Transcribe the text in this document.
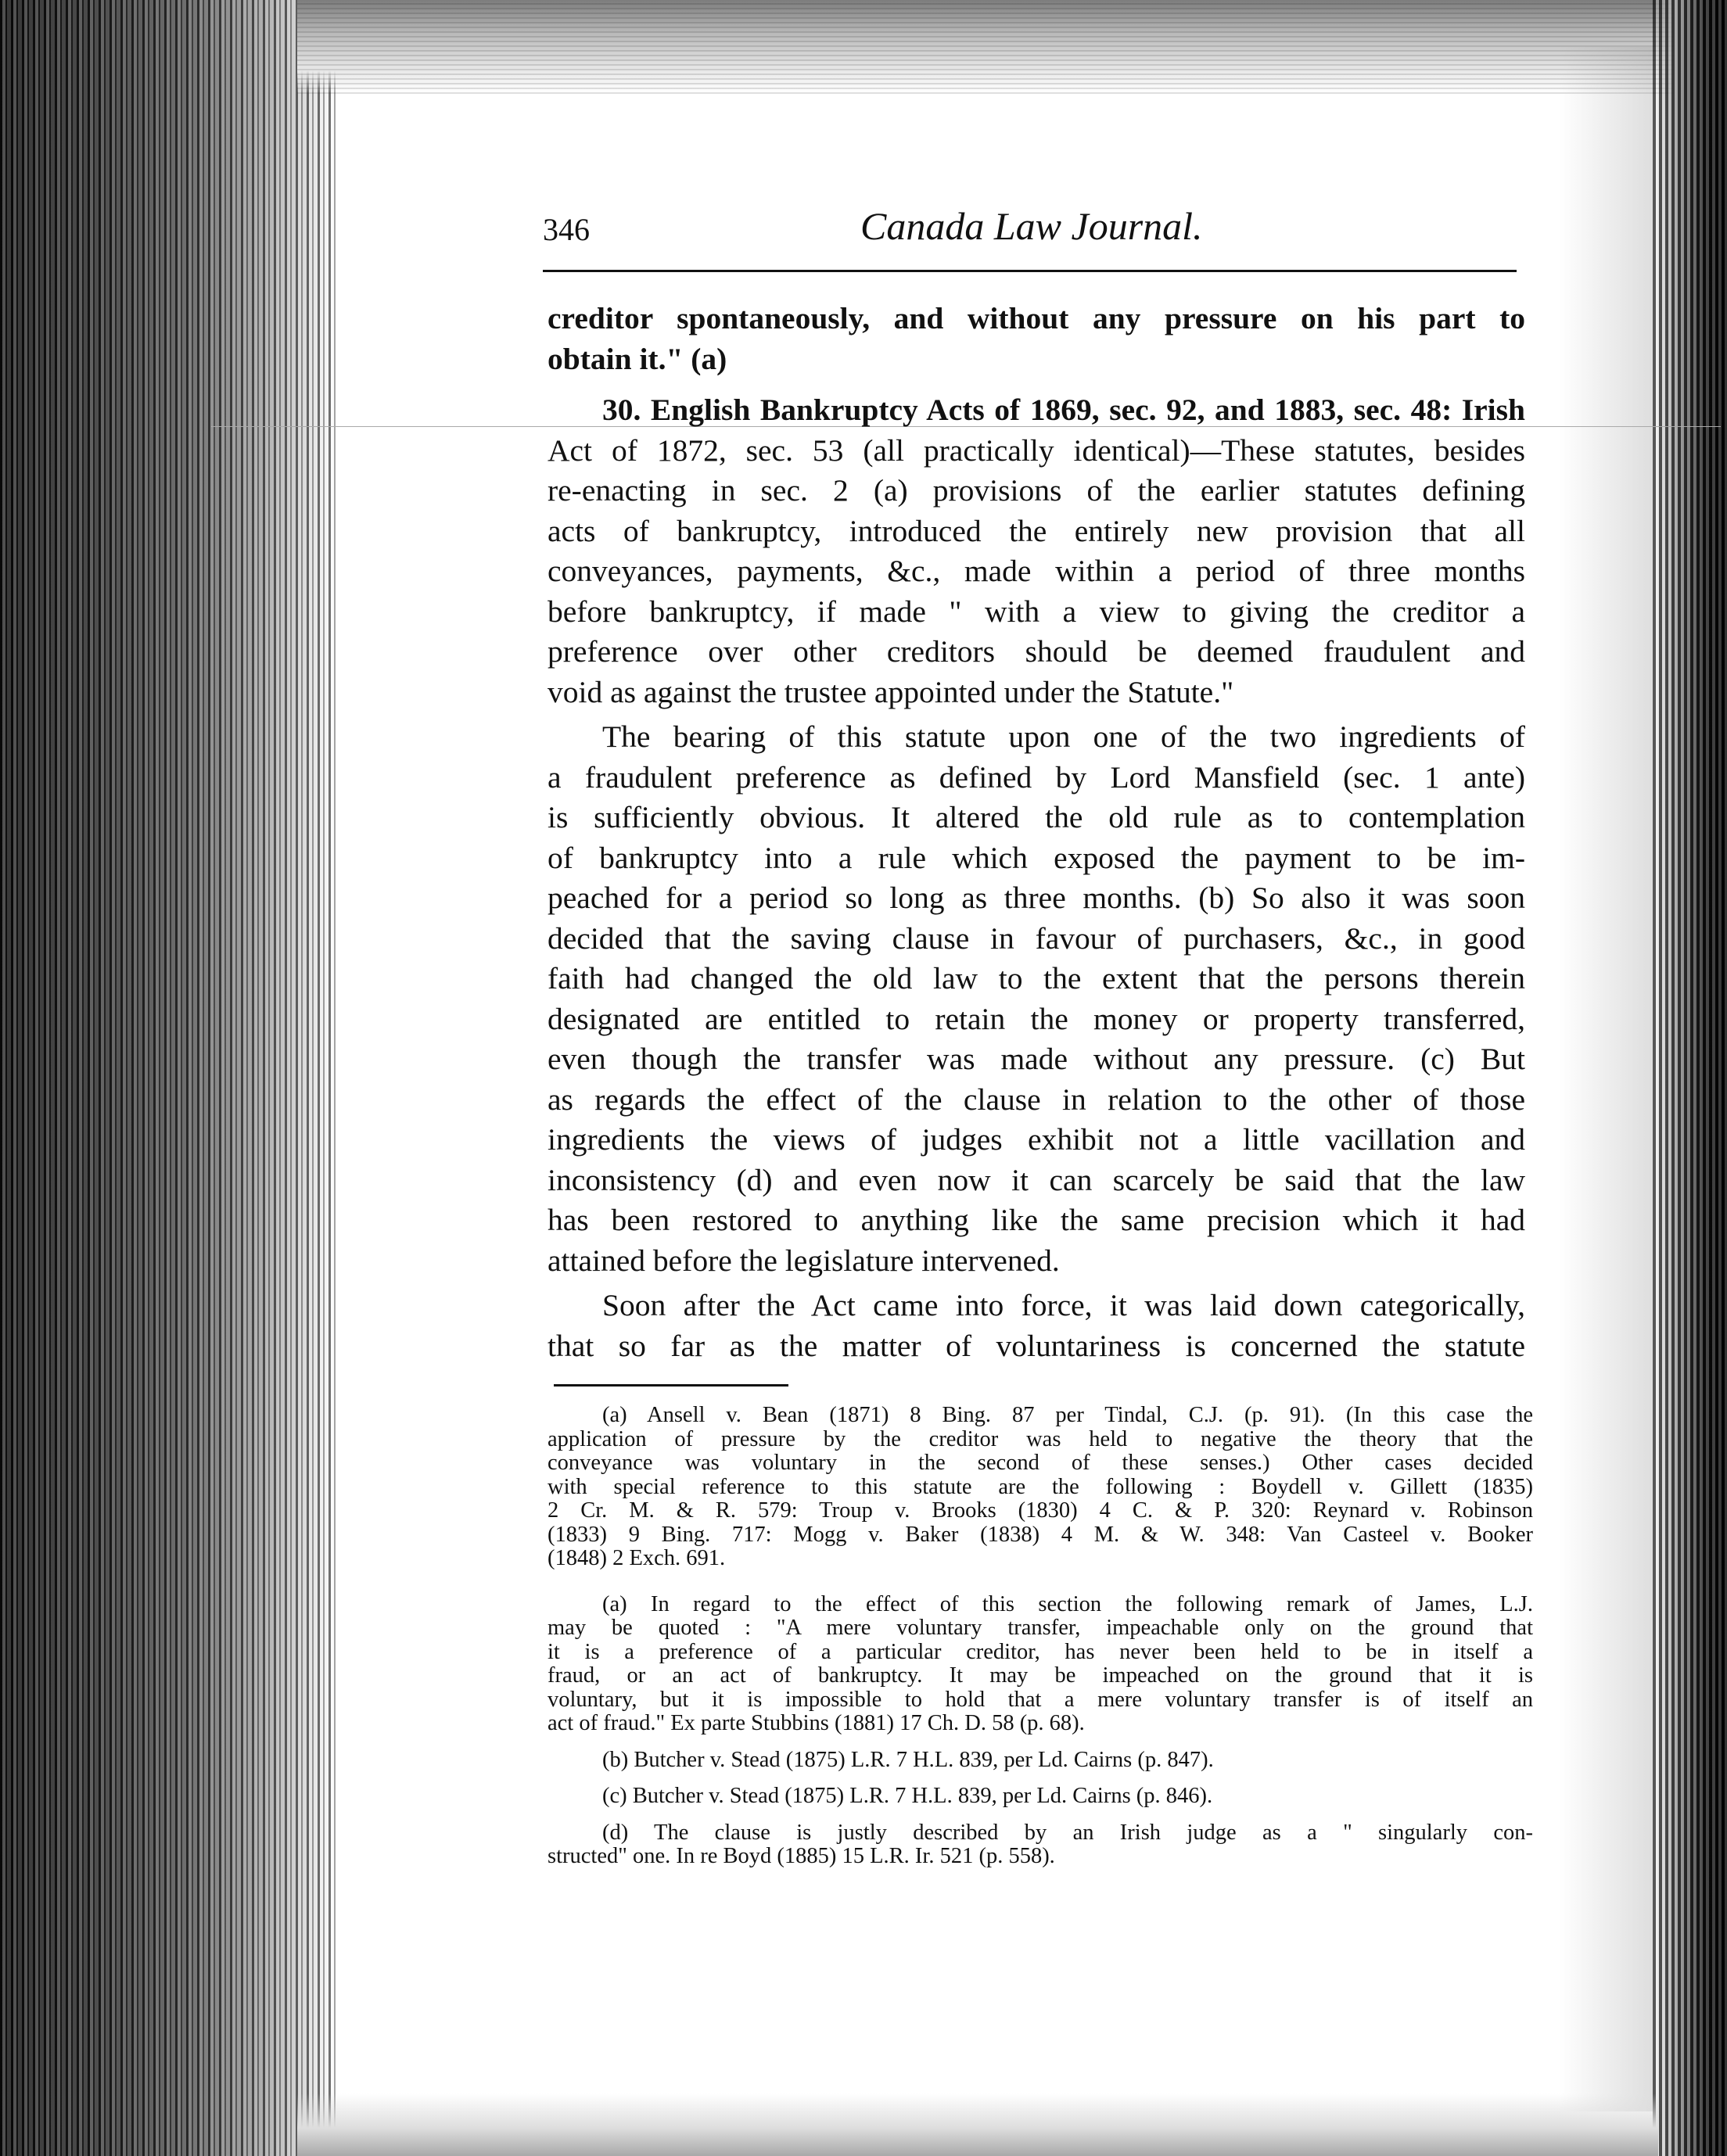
346	Canada Law Journal.
creditor spontaneously, and without any pressure on his part to
obtain it." (a)
30. English Bankruptcy Acts of 1869, sec. 92, and 1883, sec. 48: Irish
Act of 1872, sec. 53 (all practically identical)—These statutes, besides
re-enacting in sec. 2 (a) provisions of the earlier statutes defining
acts of bankruptcy, introduced the entirely new provision that all
conveyances, payments, &c., made within a period of three months
before bankruptcy, if made " with a view to giving the creditor a
preference over other creditors should be deemed fraudulent and
void as against the trustee appointed under the Statute."
The bearing of this statute upon one of the two ingredients of
a fraudulent preference as defined by Lord Mansfield (sec. 1 ante)
is sufficiently obvious. It altered the old rule as to contemplation
of bankruptcy into a rule which exposed the payment to be im-
peached for a period so long as three months. (b) So also it was soon
decided that the saving clause in favour of purchasers, &c., in good
faith had changed the old law to the extent that the persons therein
designated are entitled to retain the money or property transferred,
even though the transfer was made without any pressure. (c) But
as regards the effect of the clause in relation to the other of those
ingredients the views of judges exhibit not a little vacillation and
inconsistency (d) and even now it can scarcely be said that the law
has been restored to anything like the same precision which it had
attained before the legislature intervened.
Soon after the Act came into force, it was laid down categorically,
that so far as the matter of voluntariness is concerned the statute
(a) Ansell v. Bean (1871) 8 Bing. 87 per Tindal, C.J. (p. 91). (In this case the
application of pressure by the creditor was held to negative the theory that the
conveyance was voluntary in the second of these senses.) Other cases decided
with special reference to this statute are the following : Boydell v. Gillett (1835)
2 Cr. M. & R. 579: Troup v. Brooks (1830) 4 C. & P. 320: Reynard v. Robinson
(1833) 9 Bing. 717: Mogg v. Baker (1838) 4 M. & W. 348: Van Casteel v. Booker
(1848) 2 Exch. 691.
(a) In regard to the effect of this section the following remark of James, L.J.
may be quoted : "A mere voluntary transfer, impeachable only on the ground that
it is a preference of a particular creditor, has never been held to be in itself a
fraud, or an act of bankruptcy. It may be impeached on the ground that it is
voluntary, but it is impossible to hold that a mere voluntary transfer is of itself an
act of fraud." Ex parte Stubbins (1881) 17 Ch. D. 58 (p. 68).
(b) Butcher v. Stead (1875) L.R. 7 H.L. 839, per Ld. Cairns (p. 847).
(c) Butcher v. Stead (1875) L.R. 7 H.L. 839, per Ld. Cairns (p. 846).
(d) The clause is justly described by an Irish judge as a " singularly con-
structed" one. In re Boyd (1885) 15 L.R. Ir. 521 (p. 558).
